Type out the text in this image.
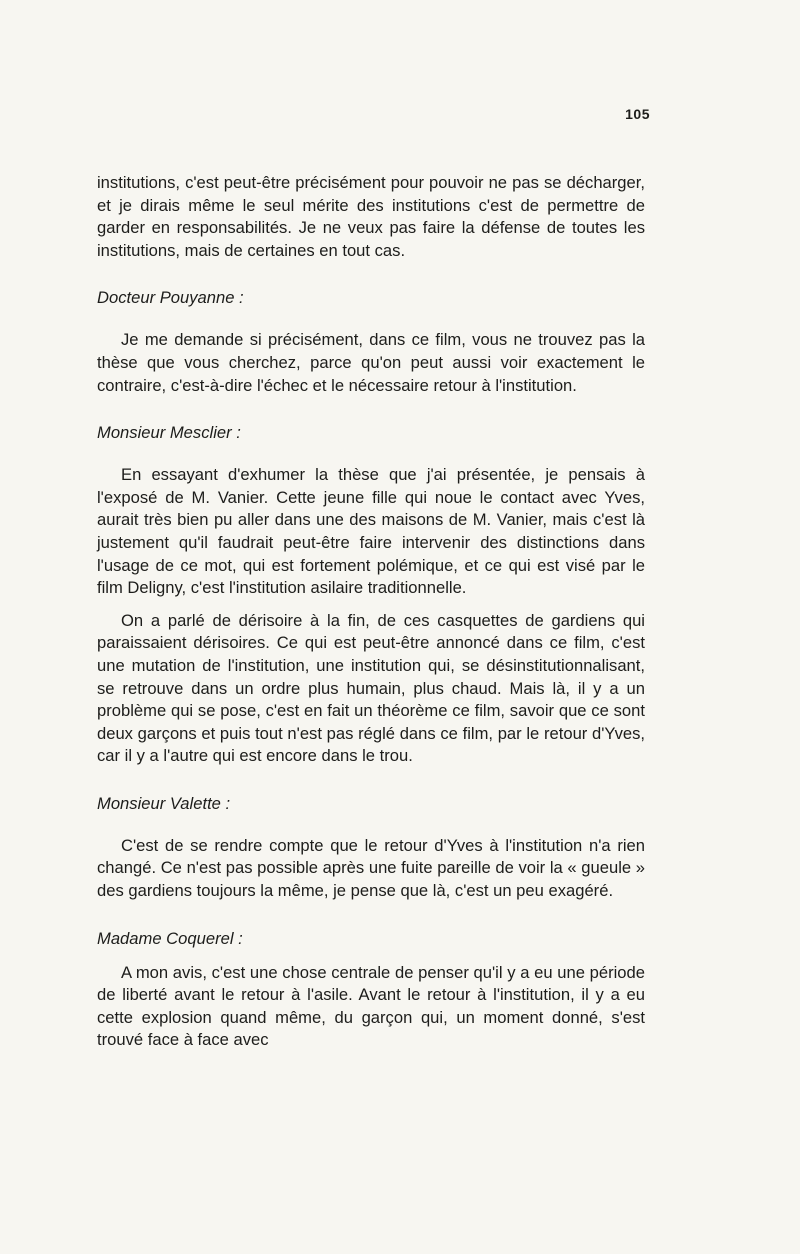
105

institutions, c'est peut-être précisément pour pouvoir ne pas se décharger, et je dirais même le seul mérite des institutions c'est de permettre de garder en responsabilités. Je ne veux pas faire la défense de toutes les institutions, mais de certaines en tout cas.

Docteur Pouyanne :

Je me demande si précisément, dans ce film, vous ne trouvez pas la thèse que vous cherchez, parce qu'on peut aussi voir exactement le contraire, c'est-à-dire l'échec et le nécessaire retour à l'institution.

Monsieur Mesclier :

En essayant d'exhumer la thèse que j'ai présentée, je pensais à l'exposé de M. Vanier. Cette jeune fille qui noue le contact avec Yves, aurait très bien pu aller dans une des maisons de M. Vanier, mais c'est là justement qu'il faudrait peut-être faire intervenir des distinctions dans l'usage de ce mot, qui est fortement polémique, et ce qui est visé par le film Deligny, c'est l'institution asilaire traditionnelle.

On a parlé de dérisoire à la fin, de ces casquettes de gardiens qui paraissaient dérisoires. Ce qui est peut-être annoncé dans ce film, c'est une mutation de l'institution, une institution qui, se désinstitutionnalisant, se retrouve dans un ordre plus humain, plus chaud. Mais là, il y a un problème qui se pose, c'est en fait un théorème ce film, savoir que ce sont deux garçons et puis tout n'est pas réglé dans ce film, par le retour d'Yves, car il y a l'autre qui est encore dans le trou.

Monsieur Valette :

C'est de se rendre compte que le retour d'Yves à l'institution n'a rien changé. Ce n'est pas possible après une fuite pareille de voir la « gueule » des gardiens toujours la même, je pense que là, c'est un peu exagéré.

Madame Coquerel :

A mon avis, c'est une chose centrale de penser qu'il y a eu une période de liberté avant le retour à l'asile. Avant le retour à l'institution, il y a eu cette explosion quand même, du garçon qui, un moment donné, s'est trouvé face à face avec
